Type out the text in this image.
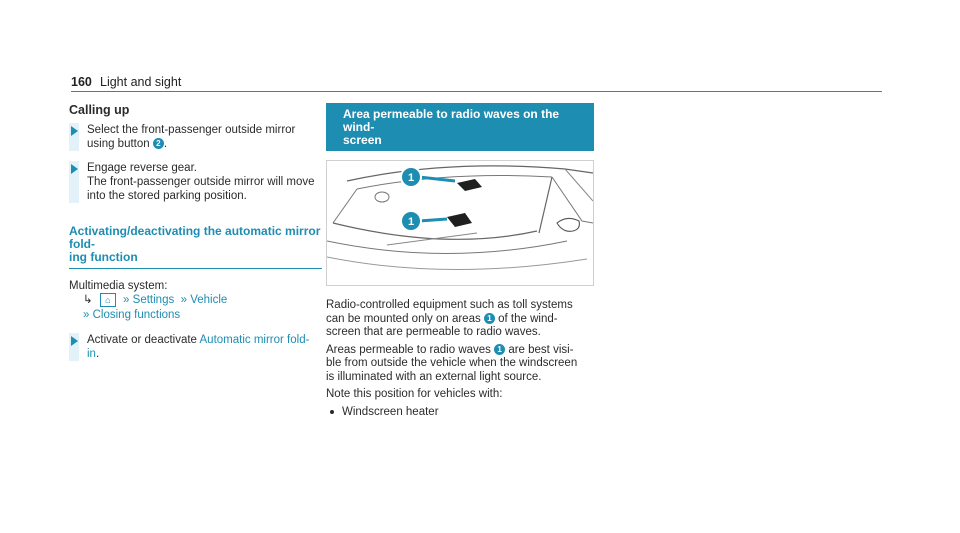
160 Light and sight
Calling up
Select the front-passenger outside mirror
using button 2 .
Engage reverse gear.
The front-passenger outside mirror will move
into the stored parking position.
Activating/deactivating the automatic mirror fold-
ing function
Multimedia system:
↳ ⌂ » Settings » Vehicle
» Closing functions
Activate or deactivate Automatic mirror fold-
in.
Area permeable to radio waves on the wind-
screen
1
1
Radio-controlled equipment such as toll systems
can be mounted only on areas 1 of the wind-
screen that are permeable to radio waves.
Areas permeable to radio waves 1 are best visi-
ble from outside the vehicle when the windscreen
is illuminated with an external light source.
Note this position for vehicles with:
Windscreen heater
